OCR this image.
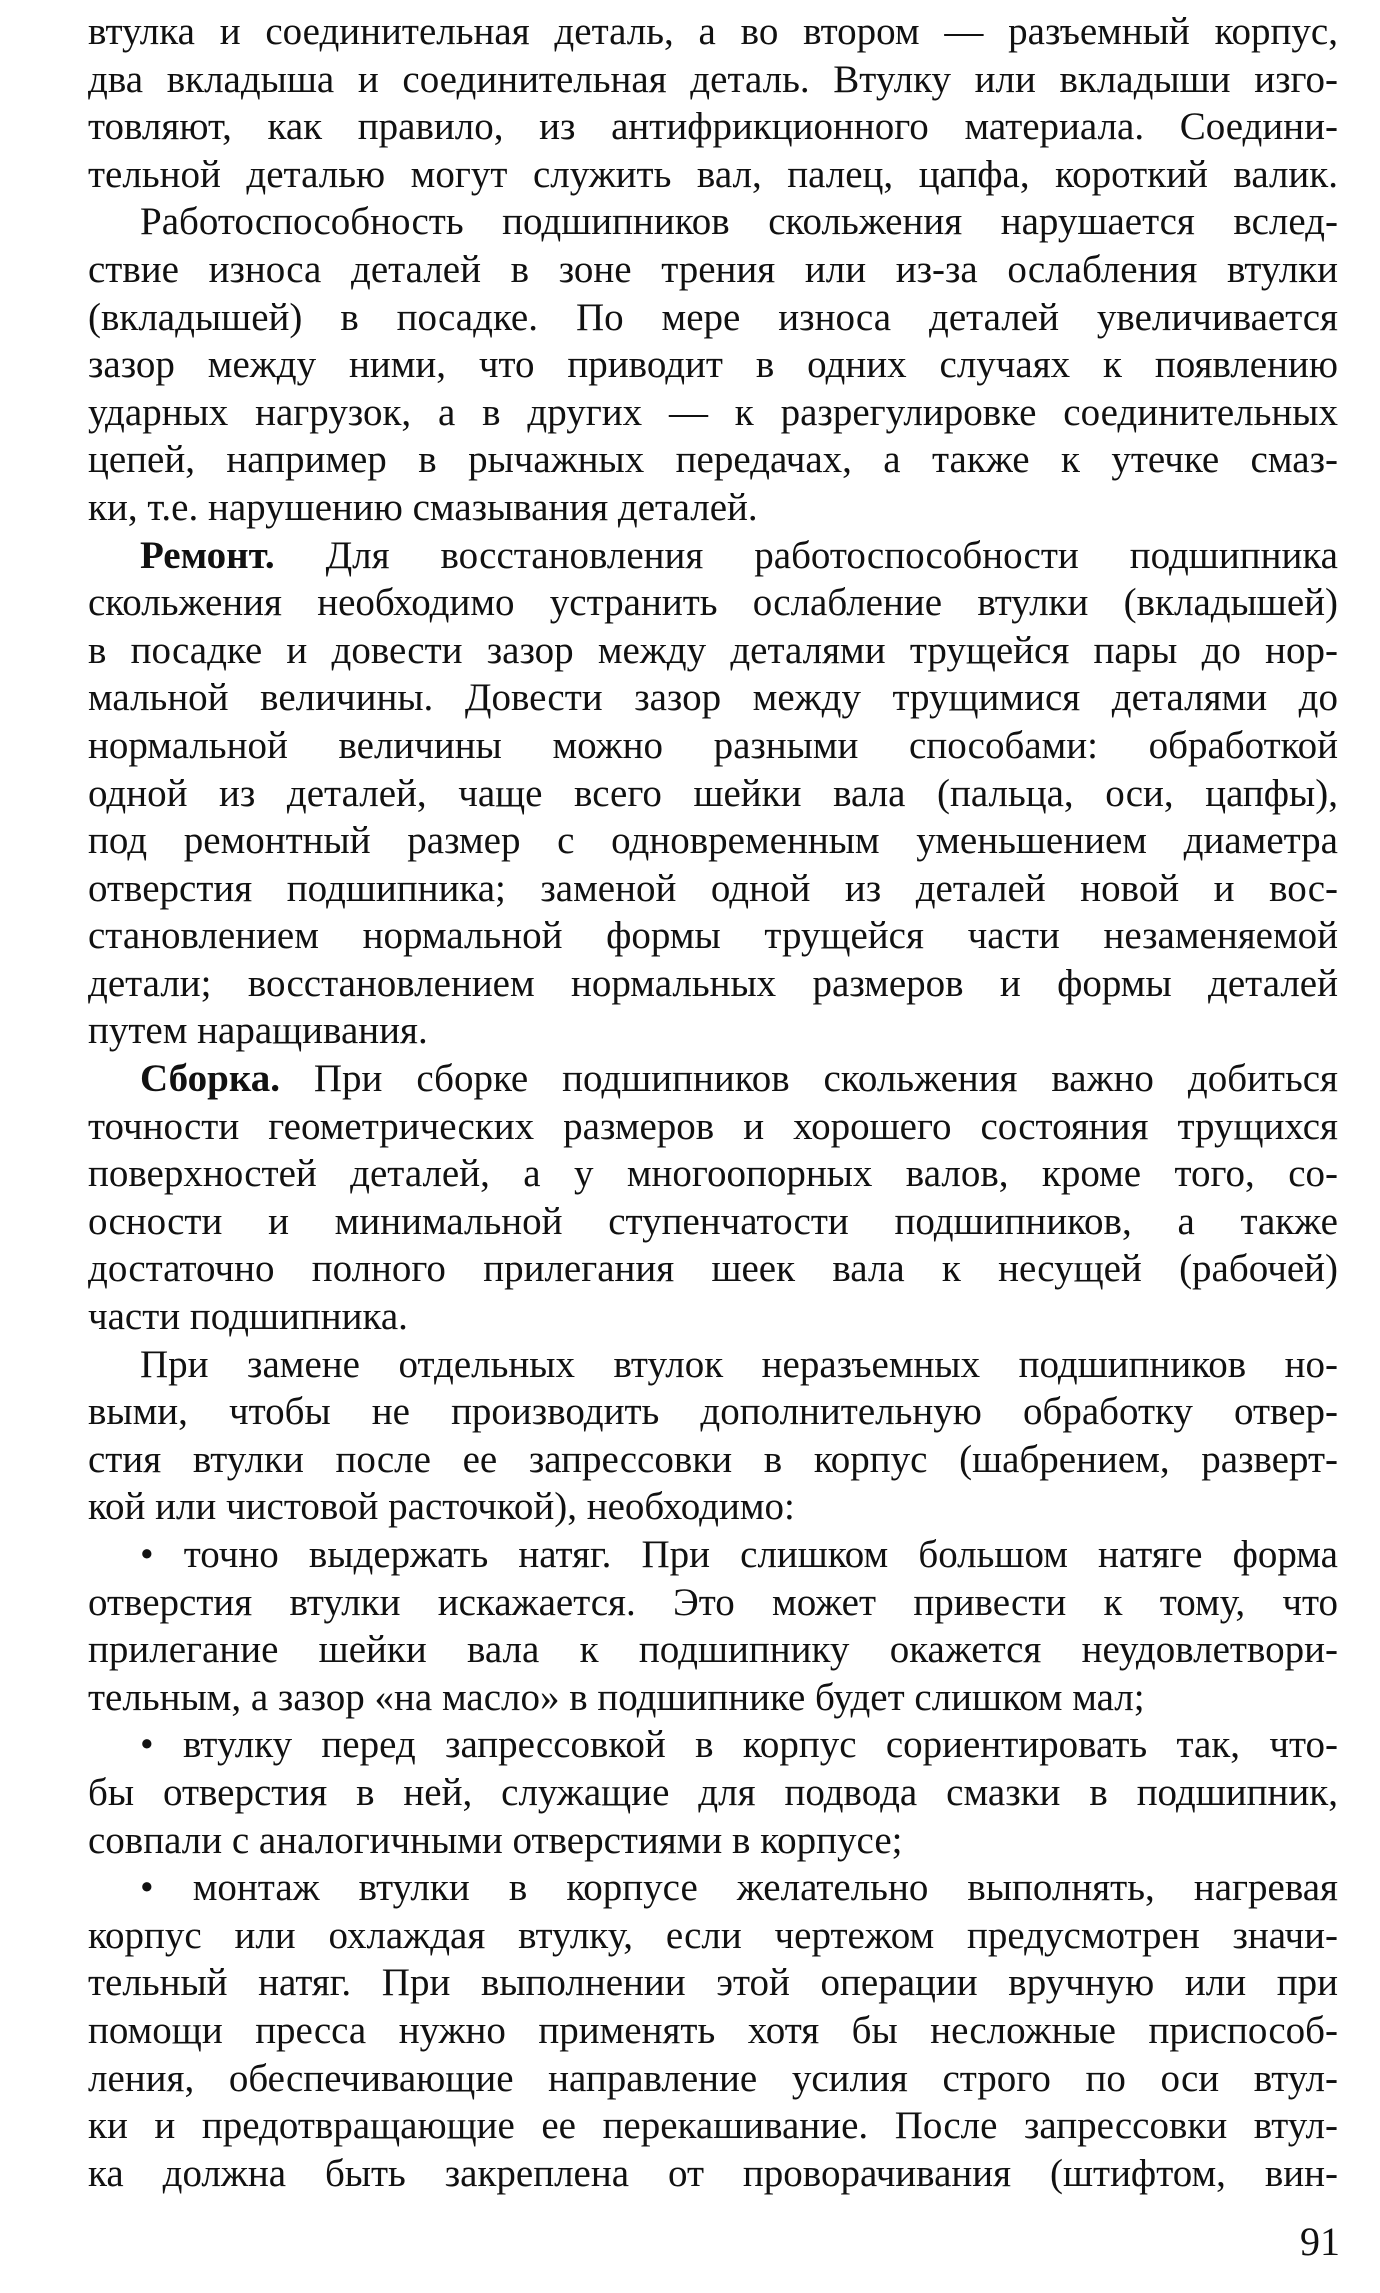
втулка и соединительная деталь, а во втором — разъемный корпус,
два вкладыша и соединительная деталь. Втулку или вкладыши изго-
товляют, как правило, из антифрикционного материала. Соедини-
тельной деталью могут служить вал, палец, цапфа, короткий валик.

Работоспособность подшипников скольжения нарушается вслед-
ствие износа деталей в зоне трения или из-за ослабления втулки
(вкладышей) в посадке. По мере износа деталей увеличивается
зазор между ними, что приводит в одних случаях к появлению
ударных нагрузок, а в других — к разрегулировке соединительных
цепей, например в рычажных передачах, а также к утечке смаз-
ки, т.е. нарушению смазывания деталей.

Ремонт. Для восстановления работоспособности подшипника
скольжения необходимо устранить ослабление втулки (вкладышей)
в посадке и довести зазор между деталями трущейся пары до нор-
мальной величины. Довести зазор между трущимися деталями до
нормальной величины можно разными способами: обработкой
одной из деталей, чаще всего шейки вала (пальца, оси, цапфы),
под ремонтный размер с одновременным уменьшением диаметра
отверстия подшипника; заменой одной из деталей новой и вос-
становлением нормальной формы трущейся части незаменяемой
детали; восстановлением нормальных размеров и формы деталей
путем наращивания.

Сборка. При сборке подшипников скольжения важно добиться
точности геометрических размеров и хорошего состояния трущихся
поверхностей деталей, а у многоопорных валов, кроме того, со-
осности и минимальной ступенчатости подшипников, а также
достаточно полного прилегания шеек вала к несущей (рабочей)
части подшипника.

При замене отдельных втулок неразъемных подшипников но-
выми, чтобы не производить дополнительную обработку отвер-
стия втулки после ее запрессовки в корпус (шабрением, разверт-
кой или чистовой расточкой), необходимо:

• точно выдержать натяг. При слишком большом натяге форма
отверстия втулки искажается. Это может привести к тому, что
прилегание шейки вала к подшипнику окажется неудовлетвори-
тельным, а зазор «на масло» в подшипнике будет слишком мал;

• втулку перед запрессовкой в корпус сориентировать так, что-
бы отверстия в ней, служащие для подвода смазки в подшипник,
совпали с аналогичными отверстиями в корпусе;

• монтаж втулки в корпусе желательно выполнять, нагревая
корпус или охлаждая втулку, если чертежом предусмотрен значи-
тельный натяг. При выполнении этой операции вручную или при
помощи пресса нужно применять хотя бы несложные приспособ-
ления, обеспечивающие направление усилия строго по оси втул-
ки и предотвращающие ее перекашивание. После запрессовки втул-
ка должна быть закреплена от проворачивания (штифтом, вин-

91
